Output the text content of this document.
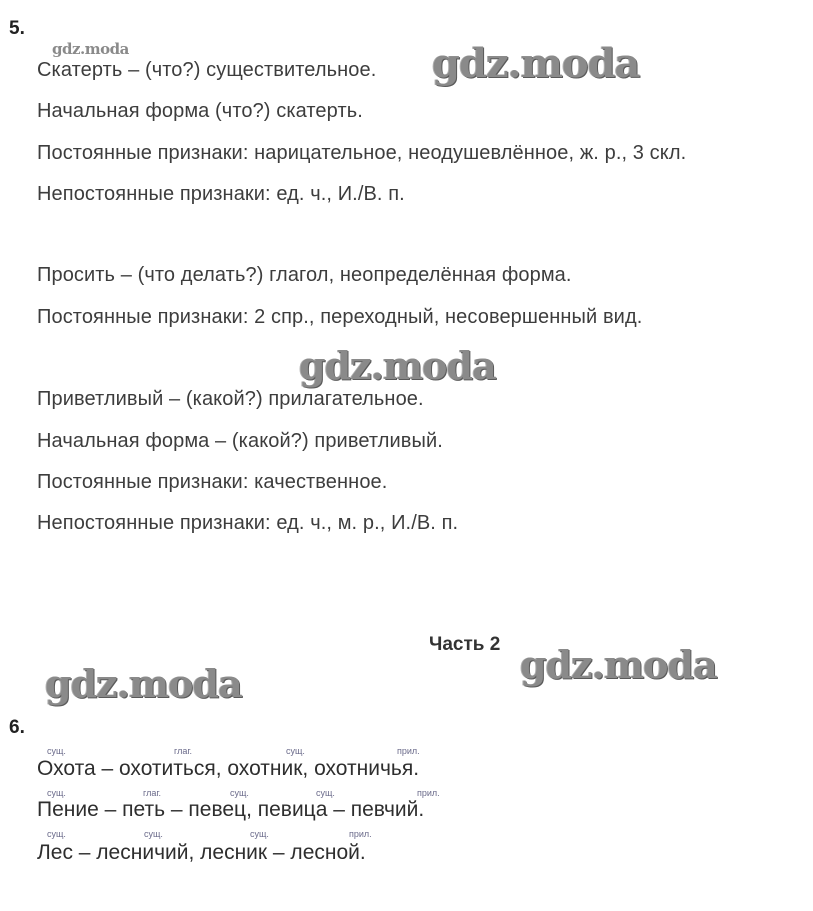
5.
gdz.moda
Скатерть – (что?) существительное. gdz.moda
Начальная форма (что?) скатерть.
Постоянные признаки: нарицательное, неодушевлённое, ж. р., 3 скл.
Непостоянные признаки: ед. ч., И./В. п.
Просить – (что делать?) глагол, неопределённая форма.
Постоянные признаки: 2 спр., переходный, несовершенный вид.
gdz.moda
Приветливый – (какой?) прилагательное.
Начальная форма – (какой?) приветливый.
Постоянные признаки: качественное.
Непостоянные признаки: ед. ч., м. р., И./В. п.
Часть 2 gdz.moda
gdz.moda
6.
сущ.	глаг.	сущ.	прил.
Охота – охотиться, охотник, охотничья.
сущ.	глаг.	сущ.	сущ.	прил.
Пение – петь – певец, певица – певчий.
сущ.	сущ.	сущ.	прил.
Лес – лесничий, лесник – лесной.
